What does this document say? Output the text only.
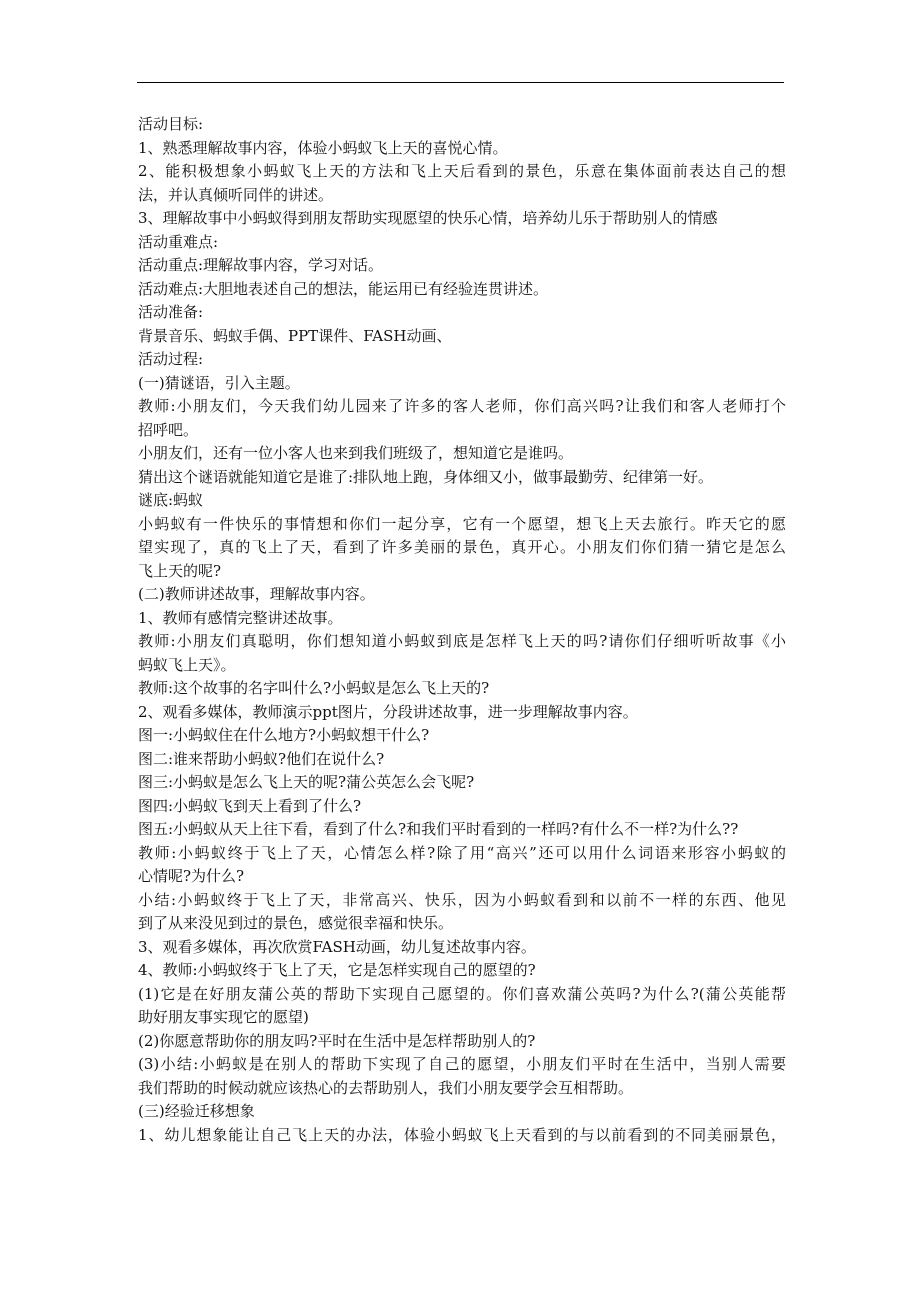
活动目标:
1、熟悉理解故事内容，体验小蚂蚁飞上天的喜悦心情。
2、能积极想象小蚂蚁飞上天的方法和飞上天后看到的景色，乐意在集体面前表达自己的想
法，并认真倾听同伴的讲述。
3、理解故事中小蚂蚁得到朋友帮助实现愿望的快乐心情，培养幼儿乐于帮助别人的情感
活动重难点:
活动重点:理解故事内容，学习对话。
活动难点:大胆地表述自己的想法，能运用已有经验连贯讲述。
活动准备:
背景音乐、蚂蚁手偶、PPT课件、FASH动画、
活动过程:
(一)猜谜语，引入主题。
教师:小朋友们，今天我们幼儿园来了许多的客人老师，你们高兴吗?让我们和客人老师打个
招呼吧。
小朋友们，还有一位小客人也来到我们班级了，想知道它是谁吗。
猜出这个谜语就能知道它是谁了:排队地上跑，身体细又小，做事最勤劳、纪律第一好。
谜底:蚂蚁
小蚂蚁有一件快乐的事情想和你们一起分享，它有一个愿望，想飞上天去旅行。昨天它的愿
望实现了，真的飞上了天，看到了许多美丽的景色，真开心。小朋友们你们猜一猜它是怎么
飞上天的呢?
(二)教师讲述故事，理解故事内容。
1、教师有感情完整讲述故事。
教师:小朋友们真聪明，你们想知道小蚂蚁到底是怎样飞上天的吗?请你们仔细听听故事《小
蚂蚁飞上天》。
教师:这个故事的名字叫什么?小蚂蚁是怎么飞上天的?
2、观看多媒体，教师演示ppt图片，分段讲述故事，进一步理解故事内容。
图一:小蚂蚁住在什么地方?小蚂蚁想干什么?
图二:谁来帮助小蚂蚁?他们在说什么?
图三:小蚂蚁是怎么飞上天的呢?蒲公英怎么会飞呢?
图四:小蚂蚁飞到天上看到了什么?
图五:小蚂蚁从天上往下看，看到了什么?和我们平时看到的一样吗?有什么不一样?为什么??
教师:小蚂蚁终于飞上了天，心情怎么样?除了用“高兴”还可以用什么词语来形容小蚂蚁的
心情呢?为什么?
小结:小蚂蚁终于飞上了天，非常高兴、快乐，因为小蚂蚁看到和以前不一样的东西、他见
到了从来没见到过的景色，感觉很幸福和快乐。
3、观看多媒体，再次欣赏FASH动画，幼儿复述故事内容。
4、教师:小蚂蚁终于飞上了天，它是怎样实现自己的愿望的?
(1)它是在好朋友蒲公英的帮助下实现自己愿望的。你们喜欢蒲公英吗?为什么?(蒲公英能帮
助好朋友事实现它的愿望)
(2)你愿意帮助你的朋友吗?平时在生活中是怎样帮助别人的?
(3)小结:小蚂蚁是在别人的帮助下实现了自己的愿望，小朋友们平时在生活中，当别人需要
我们帮助的时候动就应该热心的去帮助别人，我们小朋友要学会互相帮助。
(三)经验迁移想象
1、幼儿想象能让自己飞上天的办法，体验小蚂蚁飞上天看到的与以前看到的不同美丽景色，
